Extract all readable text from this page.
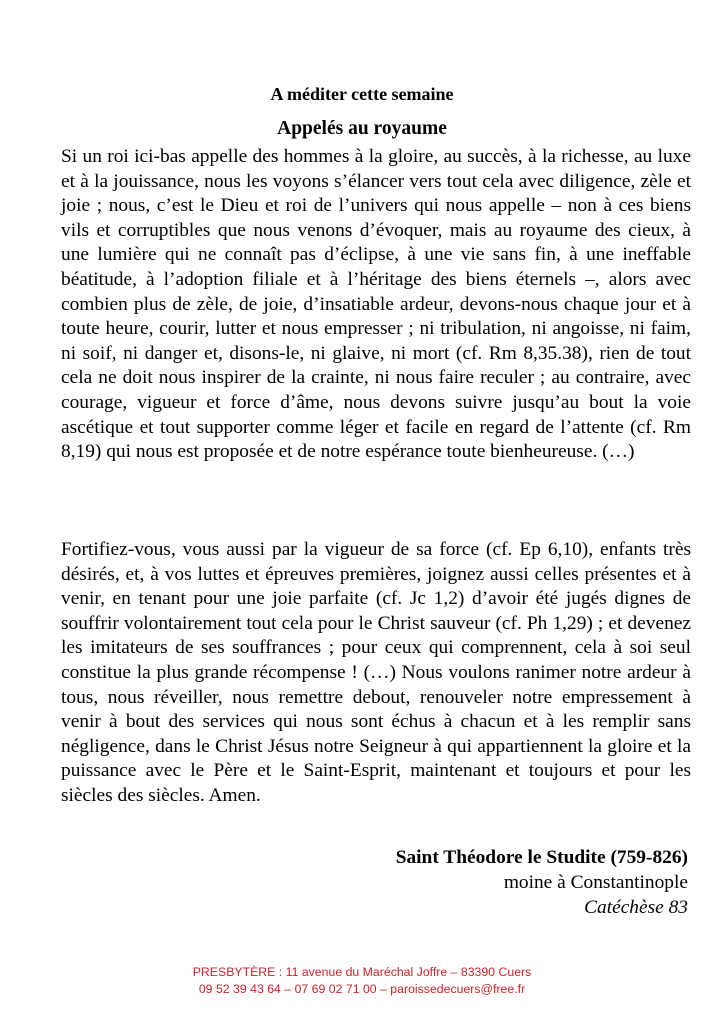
A méditer cette semaine
Appelés au royaume

Si un roi ici-bas appelle des hommes à la gloire, au succès, à la richesse, au luxe et à la jouissance, nous les voyons s’élancer vers tout cela avec diligence, zèle et joie ; nous, c’est le Dieu et roi de l’univers qui nous appelle – non à ces biens vils et corruptibles que nous venons d’évoquer, mais au royaume des cieux, à une lumière qui ne connaît pas d’éclipse, à une vie sans fin, à une ineffable béatitude, à l’adoption filiale et à l’héritage des biens éternels –, alors avec combien plus de zèle, de joie, d’insatiable ardeur, devons-nous chaque jour et à toute heure, courir, lutter et nous empresser ; ni tribulation, ni angoisse, ni faim, ni soif, ni danger et, disons-le, ni glaive, ni mort (cf. Rm 8,35.38), rien de tout cela ne doit nous inspirer de la crainte, ni nous faire reculer ; au contraire, avec courage, vigueur et force d’âme, nous devons suivre jusqu’au bout la voie ascétique et tout supporter comme léger et facile en regard de l’attente (cf. Rm 8,19) qui nous est proposée et de notre espérance toute bienheureuse. (…)

Fortifiez-vous, vous aussi par la vigueur de sa force (cf. Ep 6,10), enfants très désirés, et, à vos luttes et épreuves premières, joignez aussi celles présentes et à venir, en tenant pour une joie parfaite (cf. Jc 1,2) d’avoir été jugés dignes de souffrir volontairement tout cela pour le Christ sauveur (cf. Ph 1,29) ; et devenez les imitateurs de ses souffrances ; pour ceux qui comprennent, cela à soi seul constitue la plus grande récompense ! (…) Nous voulons ranimer notre ardeur à tous, nous réveiller, nous remettre debout, renouveler notre empressement à venir à bout des services qui nous sont échus à chacun et à les remplir sans négligence, dans le Christ Jésus notre Seigneur à qui appartiennent la gloire et la puissance avec le Père et le Saint-Esprit, maintenant et toujours et pour les siècles des siècles. Amen.

Saint Théodore le Studite (759-826)

moine à Constantinople

Catéchèse 83

PRESBYTÈRE : 11 avenue du Maréchal Joffre – 83390 Cuers

09 52 39 43 64 – 07 69 02 71 00 – paroissedecuers@free.fr
